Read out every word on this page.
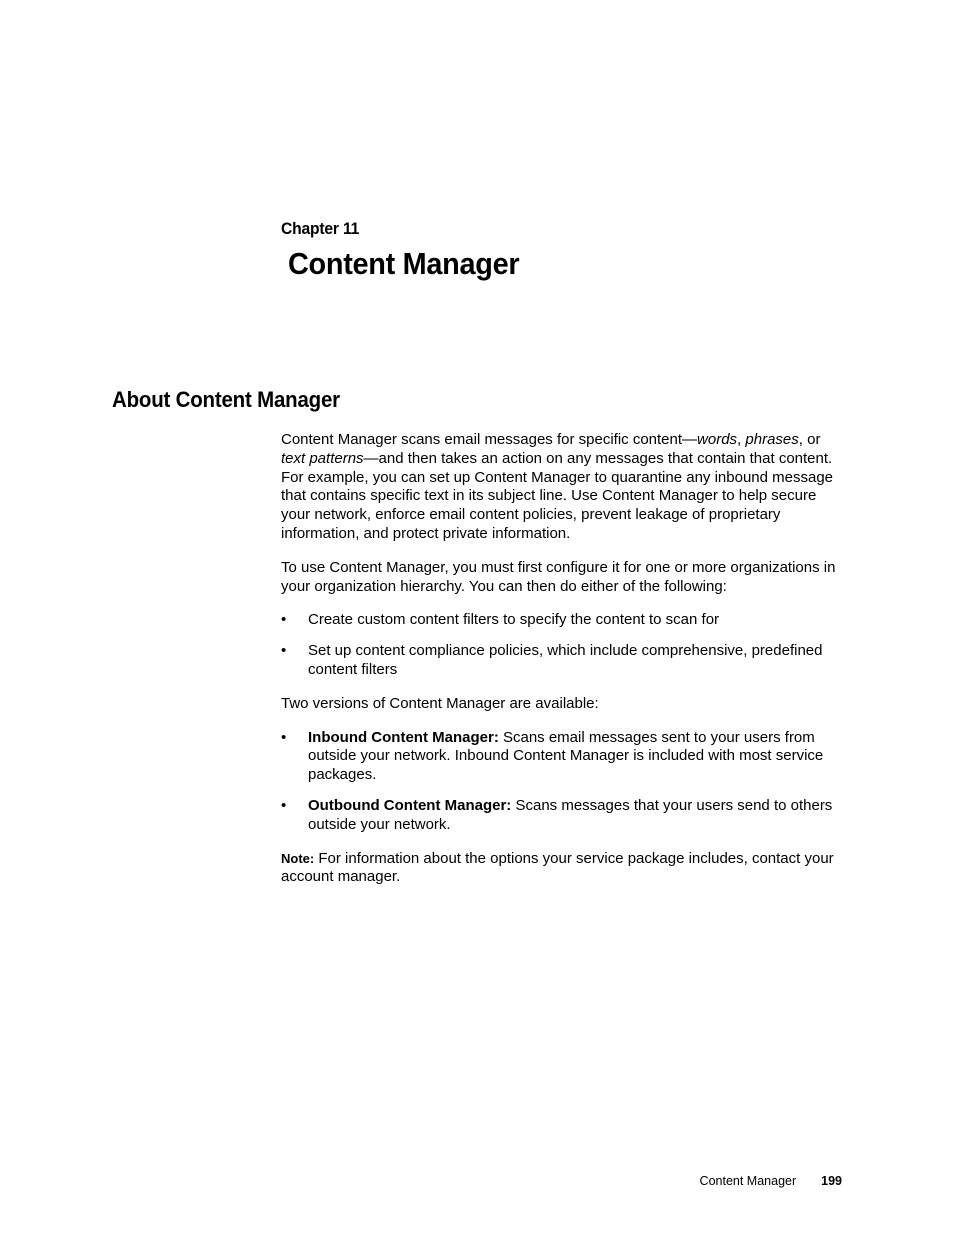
Chapter 11
Content Manager
About Content Manager

Content Manager scans email messages for specific content—words, phrases, or text patterns—and then takes an action on any messages that contain that content. For example, you can set up Content Manager to quarantine any inbound message that contains specific text in its subject line. Use Content Manager to help secure your network, enforce email content policies, prevent leakage of proprietary information, and protect private information.

To use Content Manager, you must first configure it for one or more organizations in your organization hierarchy. You can then do either of the following:

•	Create custom content filters to specify the content to scan for
•	Set up content compliance policies, which include comprehensive, predefined content filters

Two versions of Content Manager are available:

•	Inbound Content Manager: Scans email messages sent to your users from outside your network. Inbound Content Manager is included with most service packages.
•	Outbound Content Manager: Scans messages that your users send to others outside your network.

Note: For information about the options your service package includes, contact your account manager.

Content Manager 199
